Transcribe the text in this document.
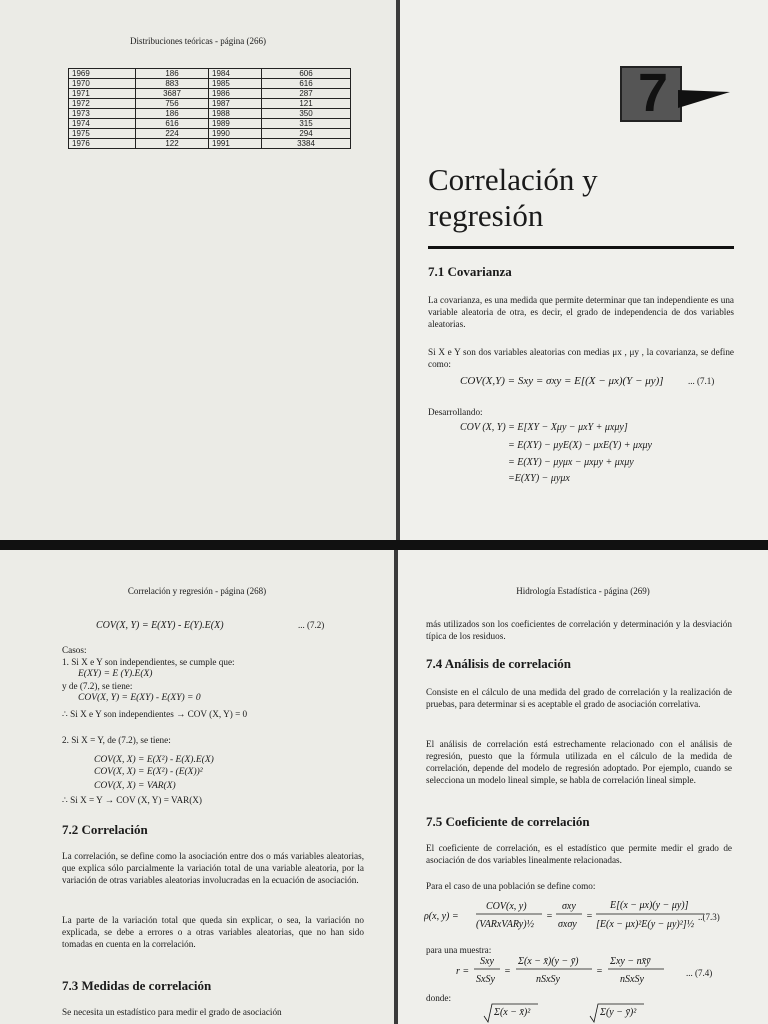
Distribuciones teóricas - página (266)
1969	186	1984	606
1970	883	1985	616
1971	3687	1986	287
1972	756	1987	121
1973	186	1988	350
1974	616	1989	315
1975	224	1990	294
1976	122	1991	3384
7
Correlación y
regresión
7.1 Covarianza
La covarianza, es una medida que permite determinar que tan independiente es una variable aleatoria de otra, es decir, el grado de independencia de dos variables aleatorias.
Si X e Y son dos variables aleatorias con medias μx , μy , la covarianza, se define como:
COV(X,Y) = Sxy = σxy = E[(X − μx)(Y − μy)]	... (7.1)
Desarrollando:
COV (X, Y) = E[XY − Xμy − μxY + μxμy]
= E(XY) − μyE(X) − μxE(Y) + μxμy
= E(XY) − μyμx − μxμy + μxμy
=E(XY) − μyμx
Correlación y regresión - página (268)
COV(X, Y) = E(XY) - E(Y).E(X)	... (7.2)
Casos:
1. Si X e Y son independientes, se cumple que:
E(XY) = E (Y).E(X)
y de (7.2), se tiene:
COV(X, Y) = E(XY) - E(XY) = 0
∴ Si X e Y son independientes → COV (X, Y) = 0
2. Si X = Y, de (7.2), se tiene:
COV(X, X) = E(X²) - E(X).E(X)
COV(X, X) = E(X²) - (E(X))²
COV(X, X) = VAR(X)
∴ Si X = Y → COV (X, Y) = VAR(X)
7.2 Correlación
La correlación, se define como la asociación entre dos o más variables aleatorias, que explica sólo parcialmente la variación total de una variable aleatoria, por la variación de otras variables aleatorias involucradas en la ecuación de asociación.
La parte de la variación total que queda sin explicar, o sea, la variación no explicada, se debe a errores o a otras variables aleatorias, que no han sido tomadas en cuenta en la correlación.
7.3 Medidas de correlación
Se necesita un estadístico para medir el grado de asociación
Hidrología Estadística - página (269)
más utilizados son los coeficientes de correlación y determinación y la desviación típica de los residuos.
7.4 Análisis de correlación
Consiste en el cálculo de una medida del grado de correlación y la realización de pruebas, para determinar si es aceptable el grado de asociación correlativa.
El análisis de correlación está estrechamente relacionado con el análisis de regresión, puesto que la fórmula utilizada en el cálculo de la medida de correlación, depende del modelo de regresión adoptado. Por ejemplo, cuando se selecciona un modelo lineal simple, se habla de correlación lineal simple.
7.5 Coeficiente de correlación
El coeficiente de correlación, es el estadístico que permite medir el grado de asociación de dos variables linealmente relacionadas.
Para el caso de una población se define como:
ρ(x, y) =
COV(x, y)
(VARxVARy)½
=
σxy
σxσy
=
E[(x − μx)(y − μy)]
[E(x − μx)²E(y − μy)²]½
..(7.3)
para una muestra:
r =
Sxy
SxSy
=
Σ(x − x̄)(y − ȳ)
nSxSy
=
Σxy − nx̄ȳ
nSxSy
... (7.4)
donde:
Σ(x − x̄)²	Σ(y − ȳ)²
